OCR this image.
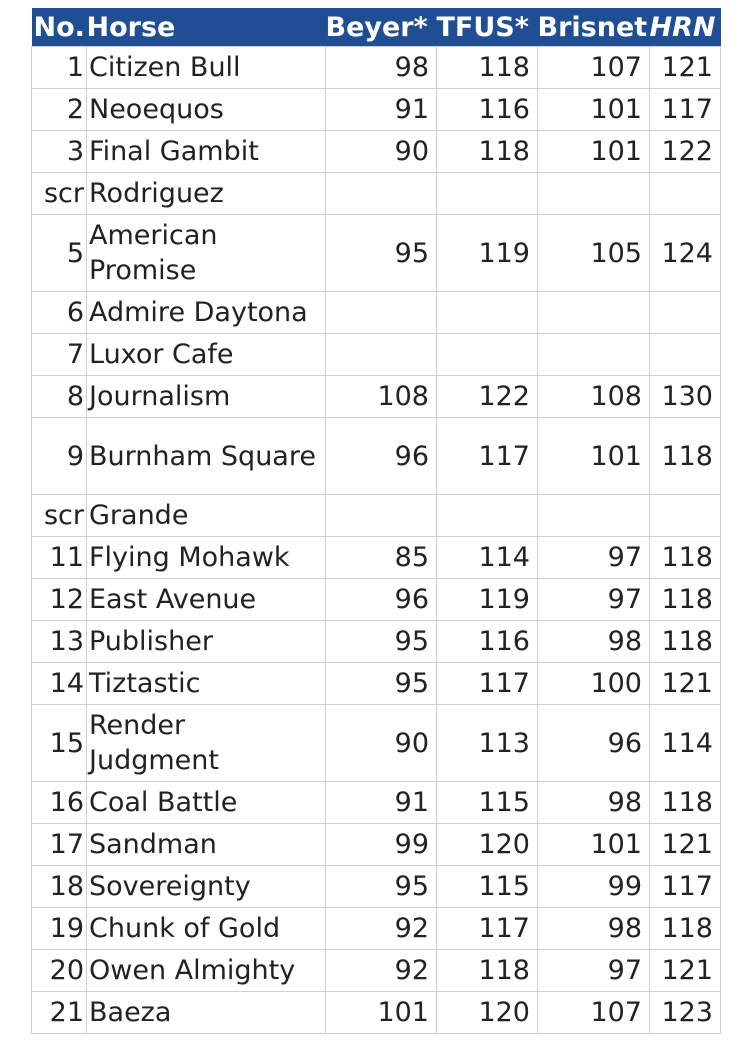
No.	Horse	Beyer*	TFUS*	Brisnet	HRN
1	Citizen Bull	98	118	107	121
2	Neoequos	91	116	101	117
3	Final Gambit	90	118	101	122
scr	Rodriguez				
5	American Promise	95	119	105	124
6	Admire Daytona				
7	Luxor Cafe				
8	Journalism	108	122	108	130
9	Burnham Square	96	117	101	118
scr	Grande				
11	Flying Mohawk	85	114	97	118
12	East Avenue	96	119	97	118
13	Publisher	95	116	98	118
14	Tiztastic	95	117	100	121
15	Render Judgment	90	113	96	114
16	Coal Battle	91	115	98	118
17	Sandman	99	120	101	121
18	Sovereignty	95	115	99	117
19	Chunk of Gold	92	117	98	118
20	Owen Almighty	92	118	97	121
21	Baeza	101	120	107	123
